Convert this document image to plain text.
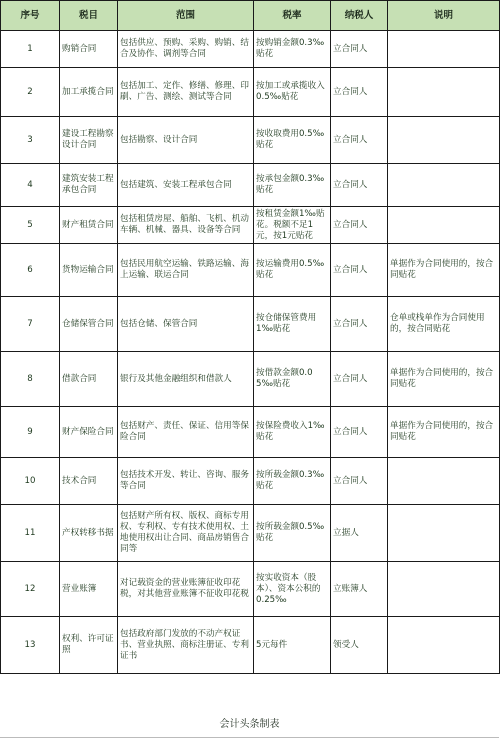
序号	税目	范围	税率	纳税人	说明
1	购销合同	包括供应、预购、采购、购销、结合及协作、调剂等合同	按购销金额0.3‰贴花	立合同人	
2	加工承揽合同	包括加工、定作、修缮、修理、印刷、广告、测绘、测试等合同	按加工或承揽收入0.5‰贴花	立合同人	
3	建设工程勘察设计合同	包括勘察、设计合同	按收取费用0.5‰贴花	立合同人	
4	建筑安装工程承包合同	包括建筑、安装工程承包合同	按承包金额0.3‰贴花	立合同人	
5	财产租赁合同	包括租赁房屋、船舶、飞机、机动车辆、机械、器具、设备等合同	按租赁金额1‰贴花。税额不足1元，按1元贴花	立合同人	
6	货物运输合同	包括民用航空运输、铁路运输、海上运输、联运合同	按运输费用0.5‰贴花	立合同人	单据作为合同使用的，按合同贴花
7	仓储保管合同	包括仓储、保管合同	按仓储保管费用1‰贴花	立合同人	仓单或栈单作为合同使用的，按合同贴花
8	借款合同	银行及其他金融组织和借款人	按借款金额0.05‰贴花	立合同人	单据作为合同使用的，按合同贴花
9	财产保险合同	包括财产、责任、保证、信用等保险合同	按保险费收入1‰贴花	立合同人	单据作为合同使用的，按合同贴花
10	技术合同	包括技术开发、转让、咨询、服务等合同	按所载金额0.3‰贴花	立合同人	
11	产权转移书据	包括财产所有权、版权、商标专用权、专利权、专有技术使用权、土地使用权出让合同、商品房销售合同等	按所载金额0.5‰贴花	立据人	
12	营业账簿	对记载资金的营业账簿征收印花税，对其他营业账簿不征收印花税	按实收资本（股本）、资本公积的0.25‰	立账簿人	
13	权利、许可证照	包括政府部门发放的不动产权证书、营业执照、商标注册证、专利证书	5元每件	领受人	
会计头条制表
